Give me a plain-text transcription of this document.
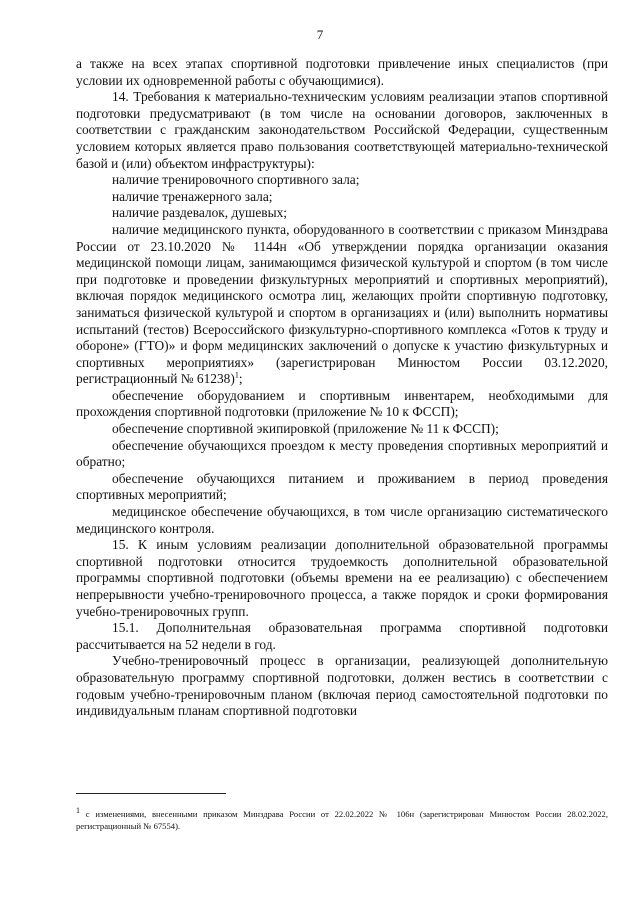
7

а также на всех этапах спортивной подготовки привлечение иных специалистов (при условии их одновременной работы с обучающимися).

14. Требования к материально-техническим условиям реализации этапов спортивной подготовки предусматривают (в том числе на основании договоров, заключенных в соответствии с гражданским законодательством Российской Федерации, существенным условием которых является право пользования соответствующей материально-технической базой и (или) объектом инфраструктуры):

наличие тренировочного спортивного зала;

наличие тренажерного зала;

наличие раздевалок, душевых;

наличие медицинского пункта, оборудованного в соответствии с приказом Минздрава России от 23.10.2020 № 1144н «Об утверждении порядка организации оказания медицинской помощи лицам, занимающимся физической культурой и спортом (в том числе при подготовке и проведении физкультурных мероприятий и спортивных мероприятий), включая порядок медицинского осмотра лиц, желающих пройти спортивную подготовку, заниматься физической культурой и спортом в организациях и (или) выполнить нормативы испытаний (тестов) Всероссийского физкультурно-спортивного комплекса «Готов к труду и обороне» (ГТО)» и форм медицинских заключений о допуске к участию физкультурных и спортивных мероприятиях» (зарегистрирован Минюстом России 03.12.2020, регистрационный № 61238)$^1$;

обеспечение оборудованием и спортивным инвентарем, необходимыми для прохождения спортивной подготовки (приложение № 10 к ФССП);

обеспечение спортивной экипировкой (приложение № 11 к ФССП);

обеспечение обучающихся проездом к месту проведения спортивных мероприятий и обратно;

обеспечение обучающихся питанием и проживанием в период проведения спортивных мероприятий;

медицинское обеспечение обучающихся, в том числе организацию систематического медицинского контроля.

15. К иным условиям реализации дополнительной образовательной программы спортивной подготовки относится трудоемкость дополнительной образовательной программы спортивной подготовки (объемы времени на ее реализацию) с обеспечением непрерывности учебно-тренировочного процесса, а также порядок и сроки формирования учебно-тренировочных групп.

15.1. Дополнительная образовательная программа спортивной подготовки рассчитывается на 52 недели в год.

Учебно-тренировочный процесс в организации, реализующей дополнительную образовательную программу спортивной подготовки, должен вестись в соответствии с годовым учебно-тренировочным планом (включая период самостоятельной подготовки по индивидуальным планам спортивной подготовки

1 с изменениями, внесенными приказом Минздрава России от 22.02.2022 № 106н (зарегистрирован Минюстом России 28.02.2022, регистрационный № 67554).
